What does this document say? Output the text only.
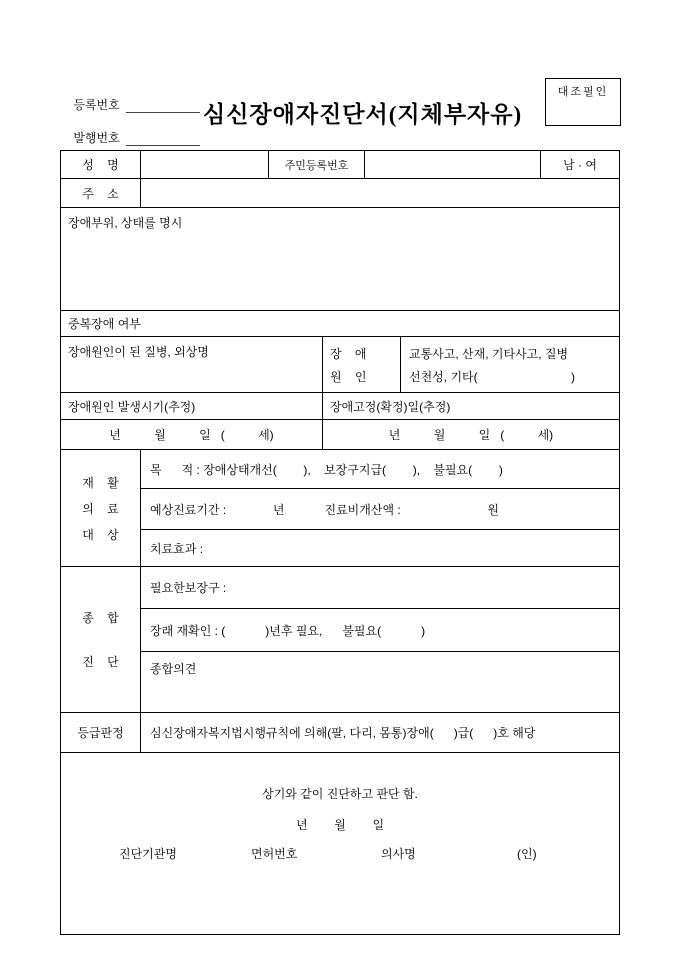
등록번호

발행번호

심신장애자진단서(지체부자유)
대조필인
성    명	주민등록번호	남 · 여
주    소
장애부위, 상태를 명시
중복장애 여부
장애원인이 된 질병, 외상명	장    애
원    인
교통사고, 산재, 기타사고, 질병
선천성, 기타(                            )
장애원인 발생시기(추정)	장애고정(확정)일(추정)
년          월          일   (          세)	년          월          일   (          세)
재    활
의    료
대    상
목      적 : 장애상태개선(        ),    보장구지급(        ),    불필요(        )
예상진료기간 :              년            진료비개산액 :                          원
치료효과 :
종    합
진    단
필요한보장구 :
장래 재확인 : (            )년후 필요,      불필요(            )
종합의견
등급판정 심신장애자복지법시행규칙에 의해(팔, 다리, 몸통)장애(      )급(      )호 해당
상기와 같이 진단하고 판단 함.
년        월        일
진단기관명	면허번호	의사명	(인)
